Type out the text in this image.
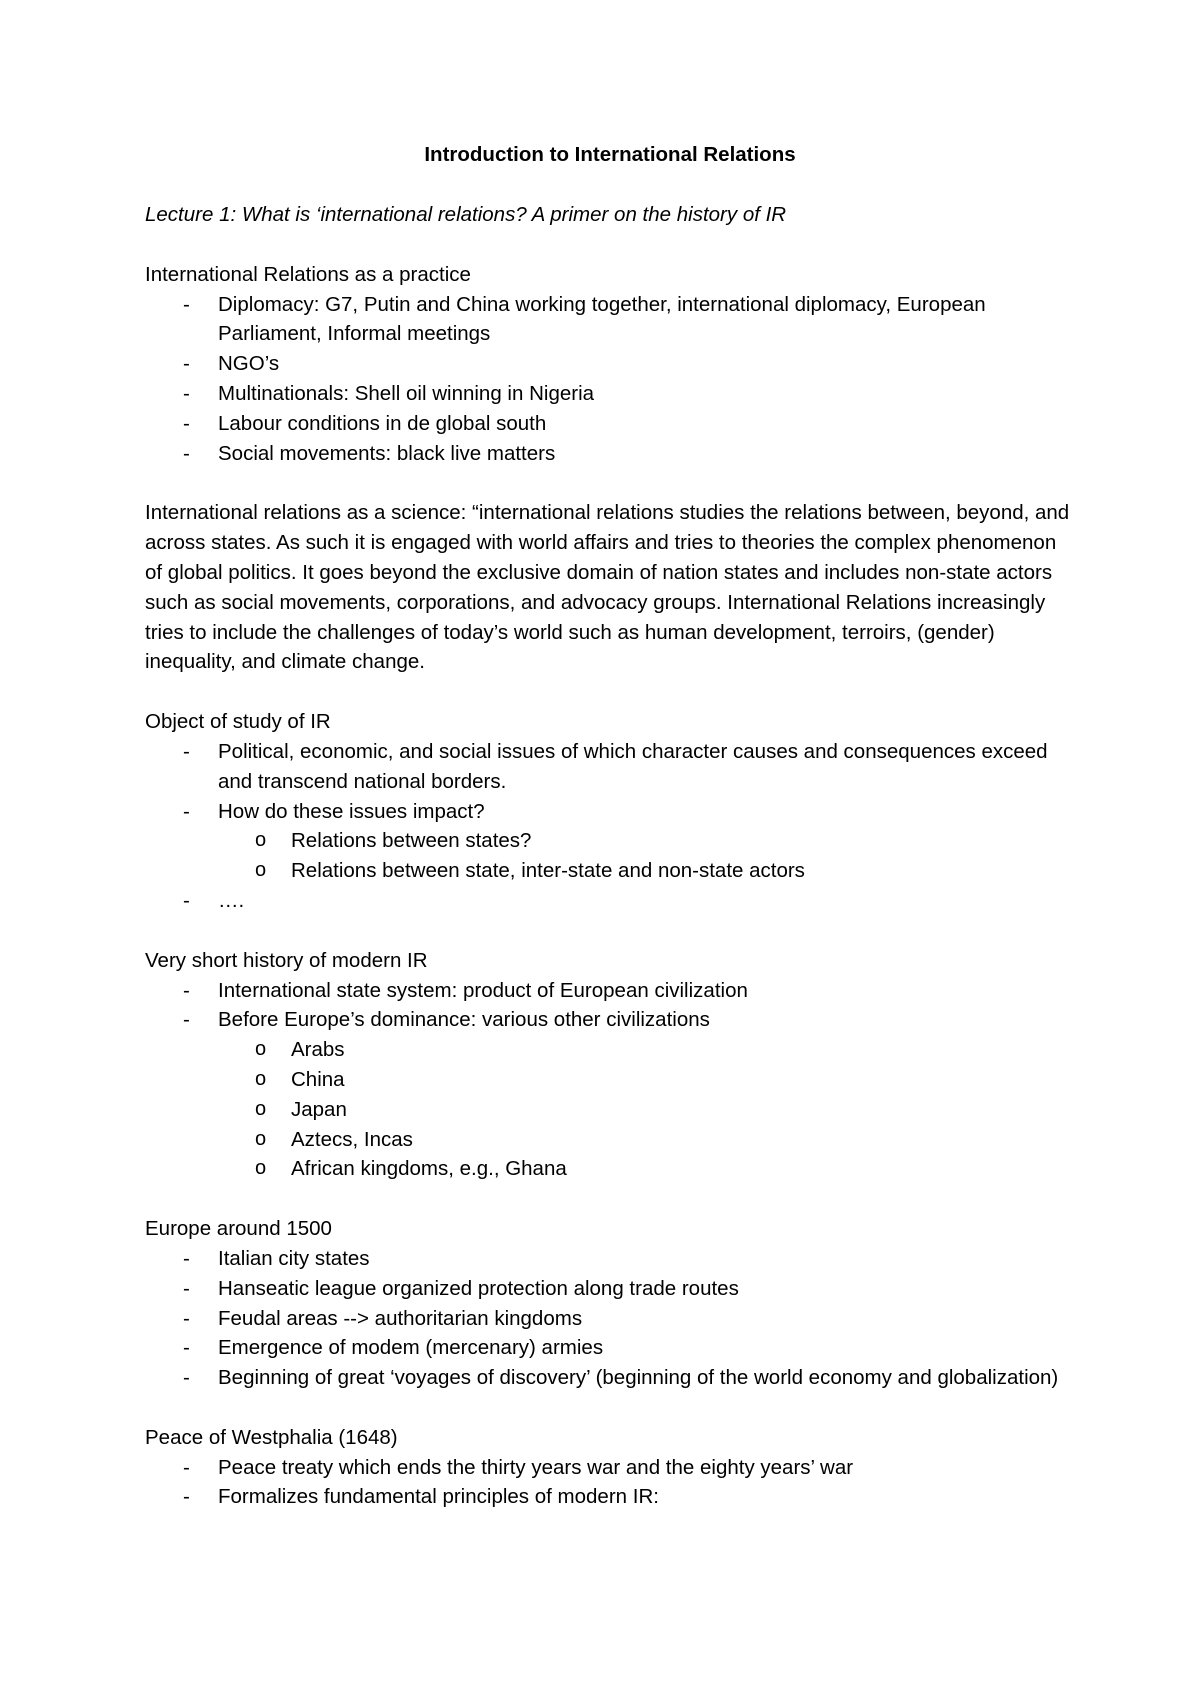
Introduction to International Relations

Lecture 1: What is ‘international relations? A primer on the history of IR

International Relations as a practice

- Diplomacy: G7, Putin and China working together, international diplomacy, European Parliament, Informal meetings
- NGO’s
- Multinationals: Shell oil winning in Nigeria
- Labour conditions in de global south
- Social movements: black live matters

International relations as a science: “international relations studies the relations between, beyond, and across states. As such it is engaged with world affairs and tries to theories the complex phenomenon of global politics. It goes beyond the exclusive domain of nation states and includes non-state actors such as social movements, corporations, and advocacy groups. International Relations increasingly tries to include the challenges of today’s world such as human development, terroirs, (gender) inequality, and climate change.

Object of study of IR

- Political, economic, and social issues of which character causes and consequences exceed and transcend national borders.
- How do these issues impact?
o Relations between states?
o Relations between state, inter-state and non-state actors
- ….

Very short history of modern IR

- International state system: product of European civilization
- Before Europe’s dominance: various other civilizations
o Arabs
o China
o Japan
o Aztecs, Incas
o African kingdoms, e.g., Ghana

Europe around 1500

- Italian city states
- Hanseatic league organized protection along trade routes
- Feudal areas --> authoritarian kingdoms
- Emergence of modem (mercenary) armies
- Beginning of great ‘voyages of discovery’ (beginning of the world economy and globalization)

Peace of Westphalia (1648)

- Peace treaty which ends the thirty years war and the eighty years’ war
- Formalizes fundamental principles of modern IR:
